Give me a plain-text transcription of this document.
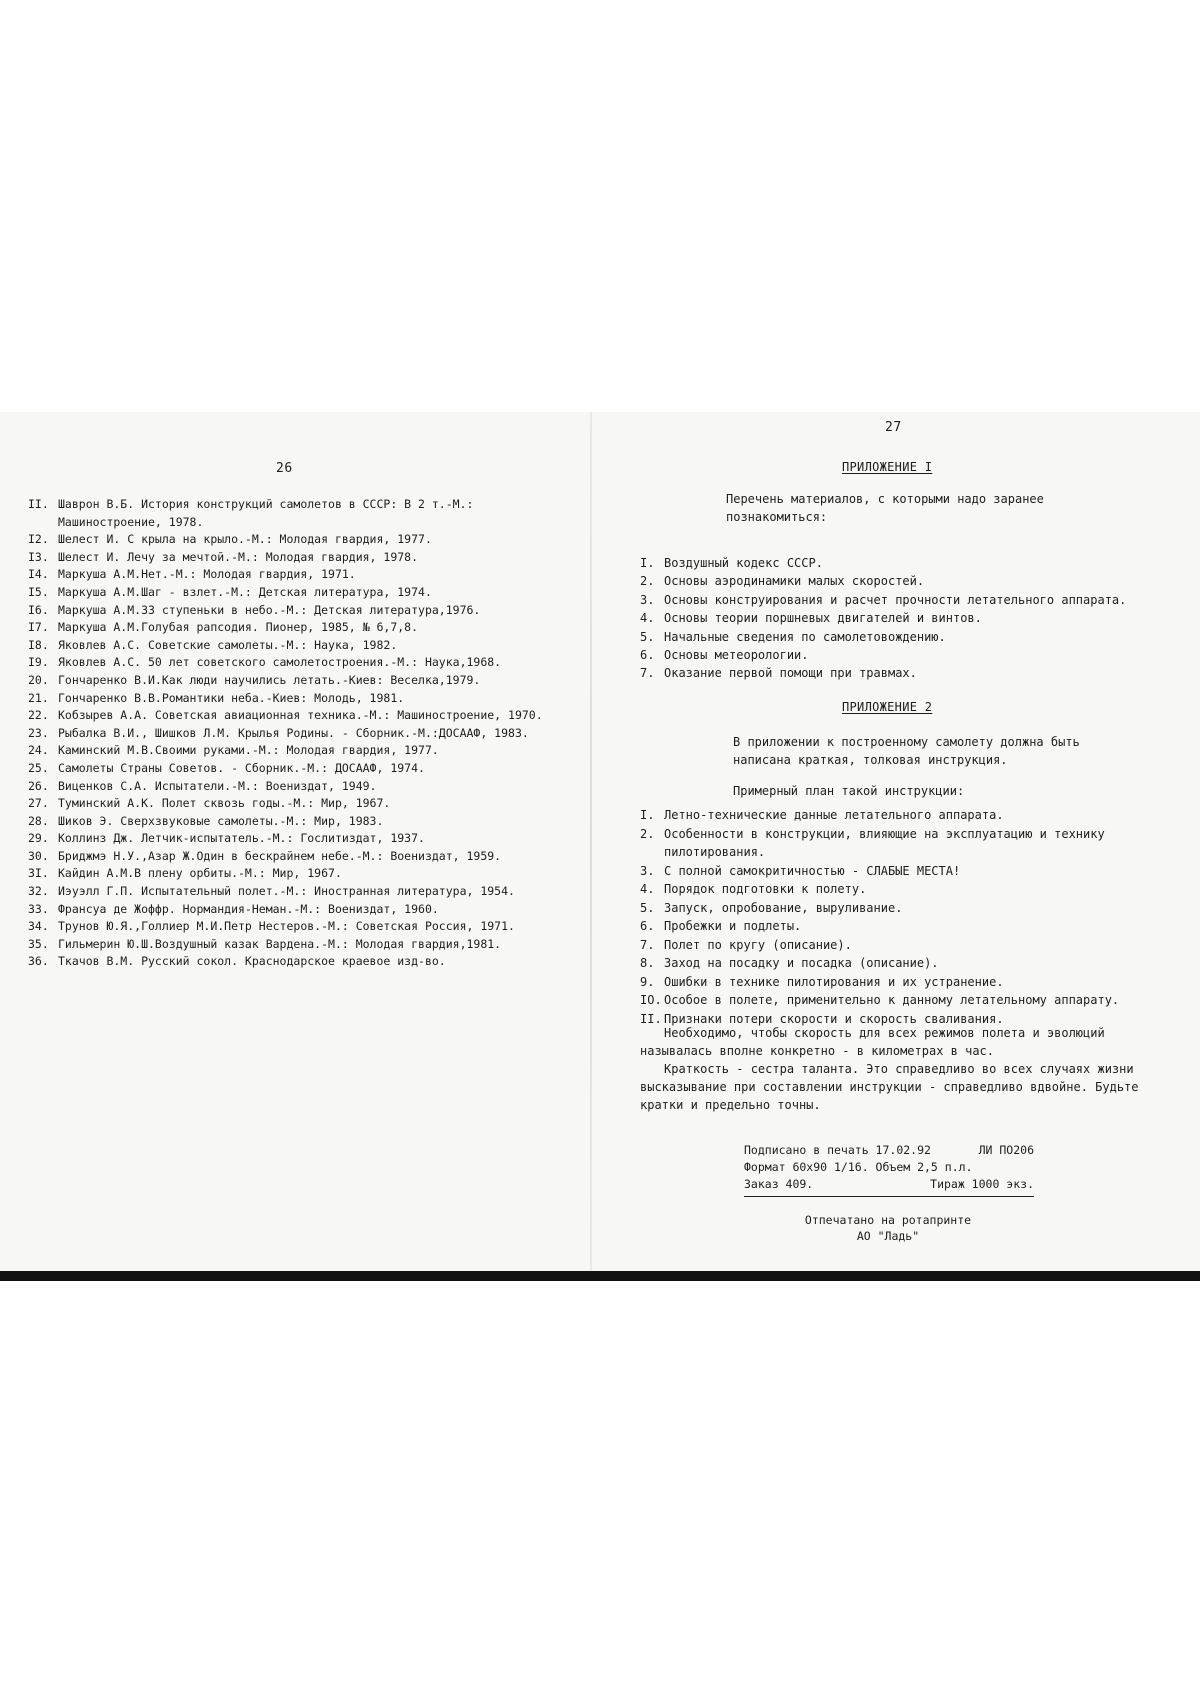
26
II. Шаврон В.Б. История конструкций самолетов в СССР: В 2 т.-М.: Машиностроение, 1978.
I2. Шелест И. С крыла на крыло.-М.: Молодая гвардия, 1977.
I3. Шелест И. Лечу за мечтой.-М.: Молодая гвардия, 1978.
I4. Маркуша А.М.Нет.-М.: Молодая гвардия, 1971.
I5. Маркуша А.М.Шаг - взлет.-М.: Детская литература, 1974.
I6. Маркуша А.М.33 ступеньки в небо.-М.: Детская литература,1976.
I7. Маркуша А.М.Голубая рапсодия. Пионер, 1985, № 6,7,8.
I8. Яковлев А.С. Советские самолеты.-М.: Наука, 1982.
I9. Яковлев А.С. 50 лет советского самолетостроения.-М.: Наука,1968.
20. Гончаренко В.И.Как люди научились летать.-Киев: Веселка,1979.
21. Гончаренко В.В.Романтики неба.-Киев: Молодь, 1981.
22. Кобзырев А.А. Советская авиационная техника.-М.: Машиностроение, 1970.
23. Рыбалка В.И., Шишков Л.М. Крылья Родины. - Сборник.-М.:ДОСААФ, 1983.
24. Каминский М.В.Своими руками.-М.: Молодая гвардия, 1977.
25. Самолеты Страны Советов. - Сборник.-М.: ДОСААФ, 1974.
26. Виценков С.А. Испытатели.-М.: Воениздат, 1949.
27. Туминский А.К. Полет сквозь годы.-М.: Мир, 1967.
28. Шиков Э. Сверхзвуковые самолеты.-М.: Мир, 1983.
29. Коллинз Дж. Летчик-испытатель.-М.: Гослитиздат, 1937.
30. Бриджмэ Н.У.,Азар Ж.Один в бескрайнем небе.-М.: Воениздат, 1959.
3I. Кайдин А.М.В плену орбиты.-М.: Мир, 1967.
32. Иэуэлл Г.П. Испытательный полет.-М.: Иностранная литература, 1954.
33. Франсуа де Жоффр. Нормандия-Неман.-М.: Воениздат, 1960.
34. Трунов Ю.Я.,Голлиер М.И.Петр Нестеров.-М.: Советская Россия, 1971.
35. Гильмерин Ю.Ш.Воздушный казак Вардена.-М.: Молодая гвардия,1981.
36. Ткачов В.М. Русский сокол. Краснодарское краевое изд-во.
27
ПРИЛОЖЕНИЕ I
Перечень материалов, с которыми надо заранее познакомиться:
I. Воздушный кодекс СССР.
2. Основы аэродинамики малых скоростей.
3. Основы конструирования и расчет прочности летательного аппарата.
4. Основы теории поршневых двигателей и винтов.
5. Начальные сведения по самолетовождению.
6. Основы метеорологии.
7. Оказание первой помощи при травмах.
ПРИЛОЖЕНИЕ 2
В приложении к построенному самолету должна быть написана краткая, толковая инструкция.
Примерный план такой инструкции:
I. Летно-технические данные летательного аппарата.
2. Особенности в конструкции, влияющие на эксплуатацию и технику пилотирования.
3. С полной самокритичностью - СЛАБЫЕ МЕСТА!
4. Порядок подготовки к полету.
5. Запуск, опробование, выруливание.
6. Пробежки и подлеты.
7. Полет по кругу (описание).
8. Заход на посадку и посадка (описание).
9. Ошибки в технике пилотирования и их устранение.
IO. Особое в полете, применительно к данному летательному аппарату.
II. Признаки потери скорости и скорость сваливания.
Необходимо, чтобы скорость для всех режимов полета и эволюций называлась вполне конкретно - в километрах в час.
Краткость - сестра таланта. Это справедливо во всех случаях жизни высказывание при составлении инструкции - справедливо вдвойне. Будьте кратки и предельно точны.
Подписано в печать 17.02.92	ЛИ ПО206
Формат 60х90 1/16. Объем 2,5 п.л.
Заказ 409.	Тираж 1000 экз.
Отпечатано на ротапринте
АО "Ладь"
